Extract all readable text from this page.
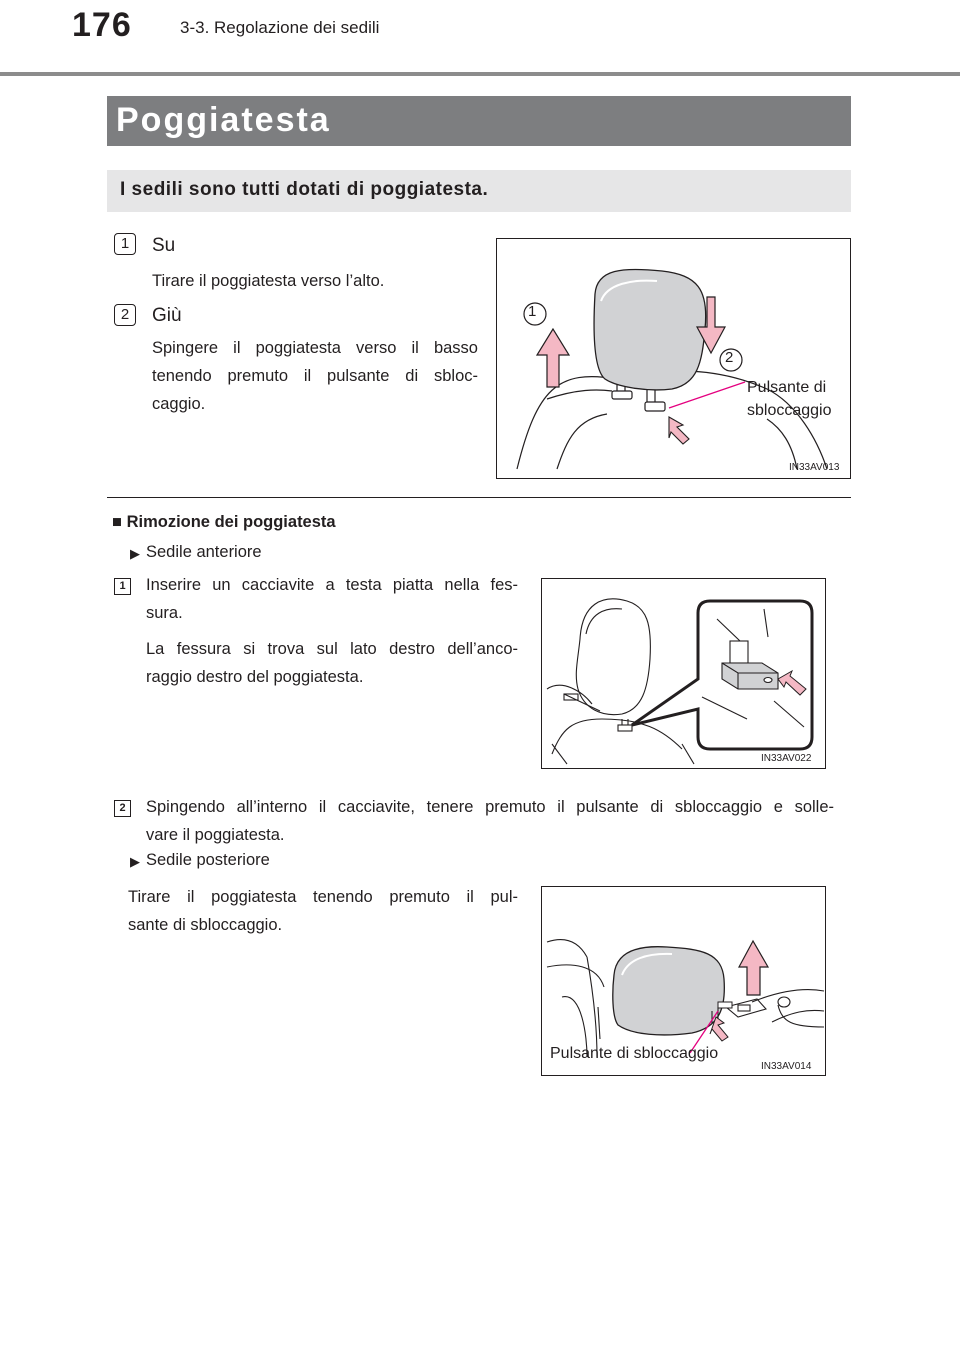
176	3-3. Regolazione dei sedili
Poggiatesta
I sedili sono tutti dotati di poggiatesta.
1	Su
Tirare il poggiatesta verso l’alto.
2	Giù
Spingere il poggiatesta verso il basso
tenendo premuto il pulsante di sbloc-
caggio.
1
2
Pulsante di
sbloccaggio
IN33AV013
■ Rimozione dei poggiatesta
▶ Sedile anteriore
1	Inserire un cacciavite a testa piatta nella fes-
sura.
La fessura si trova sul lato destro dell’anco-
raggio destro del poggiatesta.
IN33AV022
2	Spingendo all’interno il cacciavite, tenere premuto il pulsante di sbloccaggio e solle-
vare il poggiatesta.
▶ Sedile posteriore
Tirare il poggiatesta tenendo premuto il pul-
sante di sbloccaggio.
Pulsante di sbloccaggio
IN33AV014
